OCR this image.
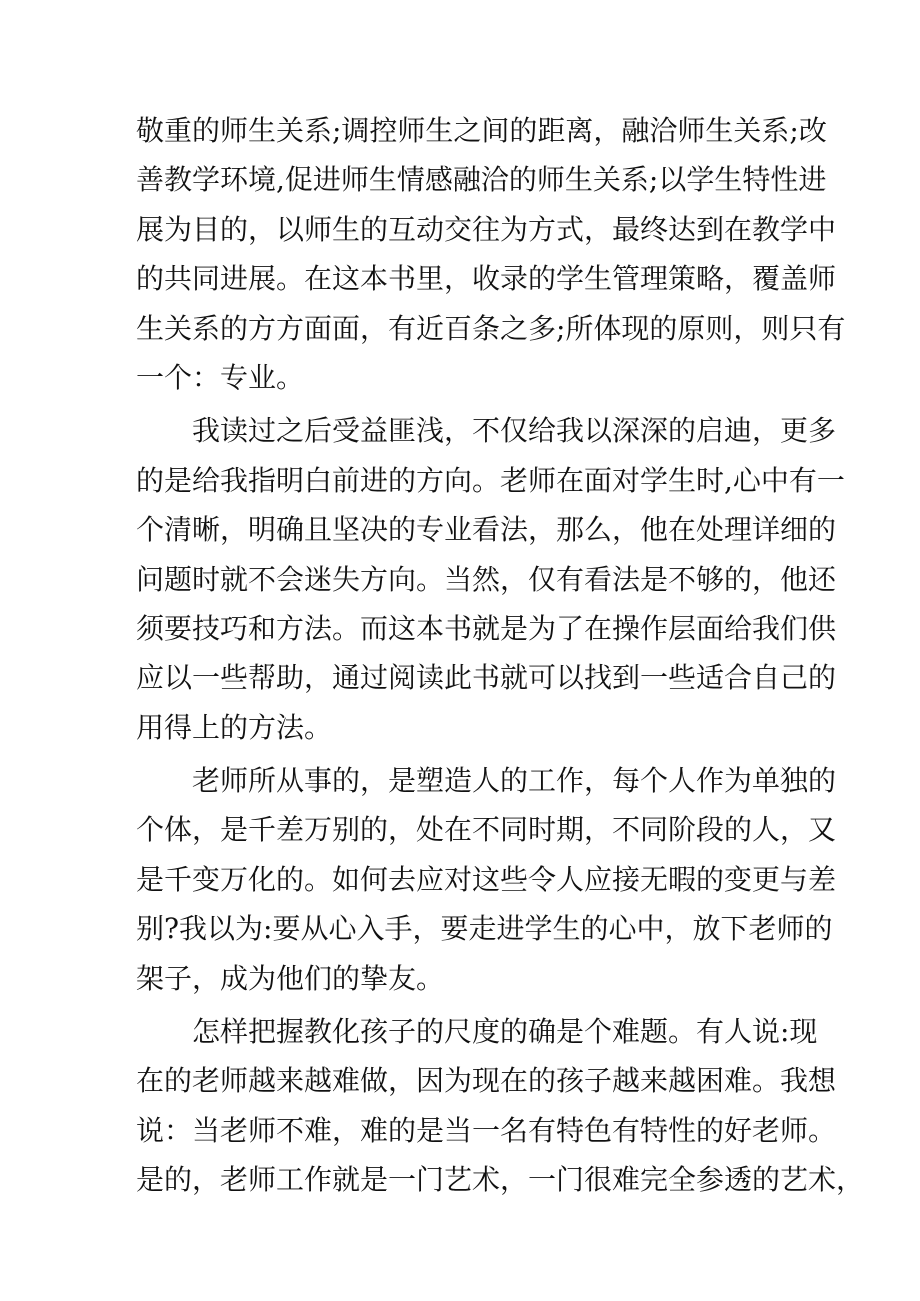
敬重的师生关系;调控师生之间的距离，融洽师生关系;改
善教学环境,促进师生情感融洽的师生关系;以学生特性进
展为目的，以师生的互动交往为方式，最终达到在教学中
的共同进展。在这本书里，收录的学生管理策略，覆盖师
生关系的方方面面，有近百条之多;所体现的原则，则只有
一个：专业。
我读过之后受益匪浅，不仅给我以深深的启迪，更多
的是给我指明白前进的方向。老师在面对学生时,心中有一
个清晰，明确且坚决的专业看法，那么，他在处理详细的
问题时就不会迷失方向。当然，仅有看法是不够的，他还
须要技巧和方法。而这本书就是为了在操作层面给我们供
应以一些帮助，通过阅读此书就可以找到一些适合自己的
用得上的方法。
老师所从事的，是塑造人的工作，每个人作为单独的
个体，是千差万别的，处在不同时期，不同阶段的人，又
是千变万化的。如何去应对这些令人应接无暇的变更与差
别?我以为:要从心入手，要走进学生的心中，放下老师的
架子，成为他们的挚友。
怎样把握教化孩子的尺度的确是个难题。有人说:现
在的老师越来越难做，因为现在的孩子越来越困难。我想
说：当老师不难，难的是当一名有特色有特性的好老师。
是的，老师工作就是一门艺术，一门很难完全参透的艺术，
